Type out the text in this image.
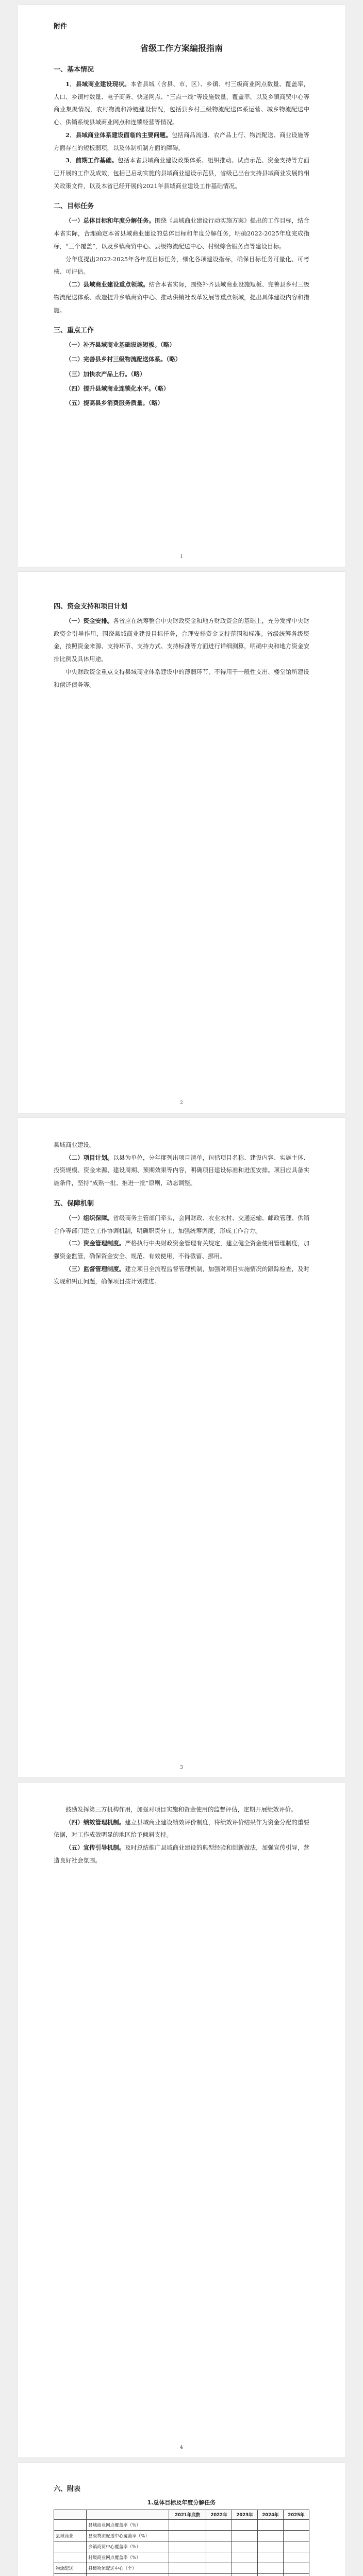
附件
省级工作方案编报指南
一、基本情况

1．县域商业建设现状。本省县城（含县、市、区）、乡镇、村三级商业网点数量、覆盖率，人口、乡镇村数量、电子商务、快递网点、“三点一线”等设施数量，覆盖率，以及乡镇商贸中心等商业集聚情况，农村物流和冷链建设情况，包括县乡村三级物流配送体系运营、城乡物流配送中心、供销系统县域商业网点和连锁经营等情况。

2．县域商业体系建设面临的主要问题。包括商品流通、农产品上行、物流配送、商业设施等方面存在的短板弱项，以及体制机制方面的障碍。

3．前期工作基础。包括本省县域商业建设政策体系、组织推动、试点示范、资金支持等方面已开展的工作及成效，包括已启动实施的县域商业建设示范县，省级已出台支持县域商业发展的相关政策文件，以及本省已经开展的2021年县域商业建设工作基础情况。

二、目标任务

（一）总体目标和年度分解任务。围绕《县域商业建设行动实施方案》提出的工作目标，结合本省实际，合理确定本省县域商业建设的总体目标和年度分解任务，明确2022-2025年度完成指标，“三个覆盖”，以及乡镇商贸中心、县级物流配送中心、村级综合服务点等建设目标。

分年度提出2022-2025年各年度目标任务，细化各项建设指标，确保目标任务可量化、可考核、可评估。

（二）县域商业建设重点领域。结合本省实际，围绕补齐县域商业设施短板、完善县乡村三级物流配送体系、改造提升乡镇商贸中心、推动供销社改革发展等重点领域，提出具体建设内容和措施。

三、重点工作
（一）补齐县域商业基础设施短板。（略）
（二）完善县乡村三级物流配送体系。（略）
（三）加快农产品上行。（略）
（四）提升县域商业连锁化水平。（略）
（五）提高县乡消费服务质量。（略）
1
四、资金支持和项目计划

（一）资金安排。各省应在统筹整合中央财政资金和地方财政资金的基础上，充分发挥中央财政资金引导作用，围绕县域商业建设目标任务，合理安排资金支持范围和标准。省级统筹各级资金，按照资金来源、支持环节、支持方式、支持标准等方面进行详细测算，明确中央和地方资金安排比例及具体用途。

中央财政资金重点支持县域商业体系建设中的薄弱环节，不得用于一般性支出、楼堂馆所建设和偿还债务等。

2

县域商业建设。

（二）项目计划。以县为单位，分年度列出项目清单，包括项目名称、建设内容、实施主体、投资规模、资金来源、建设周期、预期效果等内容，明确项目建设标准和进度安排。项目应具备实施条件，坚持“成熟一批、推进一批”原则，动态调整。

五、保障机制

（一）组织保障。省级商务主管部门牵头，会同财政、农业农村、交通运输、邮政管理、供销合作等部门建立工作协调机制，明确职责分工，加强统筹调度，形成工作合力。

（二）资金管理制度。严格执行中央财政资金管理有关规定，建立健全资金使用管理制度，加强资金监管，确保资金安全、规范、有效使用，不得截留、挪用。

（三）监督管理制度。建立项目全流程监督管理机制，加强对项目实施情况的跟踪检查，及时发现和纠正问题，确保项目按计划推进。

3

鼓励发挥第三方机构作用，加强对项目实施和资金使用的监督评估，定期开展绩效评价。

（四）绩效管理机制。建立县域商业建设绩效评价制度，将绩效评价结果作为资金分配的重要依据，对工作成效明显的地区给予倾斜支持。

（五）宣传引导机制。及时总结推广县域商业建设的典型经验和创新做法，加强宣传引导，营造良好社会氛围。

4
六、附表
1.总体目标及年度分解任务
		2021年底数	2022年	2023年	2024年	2025年
	县域商业网点覆盖率（%）					
县域商业	县级物流配送中心覆盖率（%）					
	乡镇商贸中心覆盖率（%）					
	村级商业网点覆盖率（%）					
物流配送	县级物流配送中心（个）					
